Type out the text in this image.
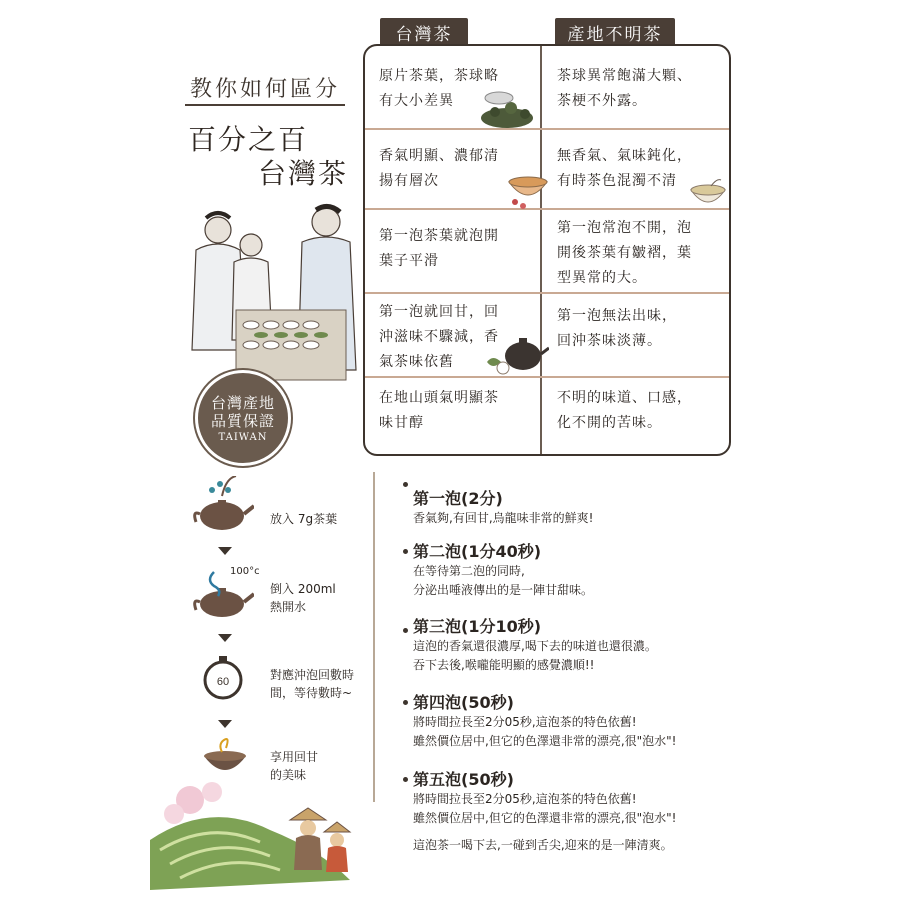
教你如何區分
百分之百
台灣茶
台灣產地
品質保證
TAIWAN
台灣茶	產地不明茶
原片茶葉，茶球略
有大小差異
茶球異常飽滿大顆、
茶梗不外露。
香氣明顯、濃郁清
揚有層次
無香氣、氣味鈍化，
有時茶色混濁不清
第一泡茶葉就泡開
葉子平滑
第一泡常泡不開，泡
開後茶葉有皺褶，葉
型異常的大。
第一泡就回甘，回
沖滋味不驟減，香
氣茶味依舊
第一泡無法出味，
回沖茶味淡薄。
在地山頭氣明顯茶
味甘醇
不明的味道、口感，
化不開的苦味。
放入 7g茶葉
100°c
倒入 200ml
熱開水
60	對應沖泡回數時
間，等待數時~
享用回甘
的美味
第一泡(2分)
香氣夠,有回甘,烏龍味非常的鮮爽!
第二泡(1分40秒)
在等待第二泡的同時,
分泌出唾液傳出的是一陣甘甜味。
第三泡(1分10秒)
這泡的香氣還很濃厚,喝下去的味道也還很濃。
吞下去後,喉嚨能明顯的感覺濃順!!
第四泡(50秒)
將時間拉長至2分05秒,這泡茶的特色依舊!
雖然價位居中,但它的色澤還非常的漂亮,很"泡水"!
第五泡(50秒)
將時間拉長至2分05秒,這泡茶的特色依舊!
雖然價位居中,但它的色澤還非常的漂亮,很"泡水"!
這泡茶一喝下去,一碰到舌尖,迎來的是一陣清爽。
